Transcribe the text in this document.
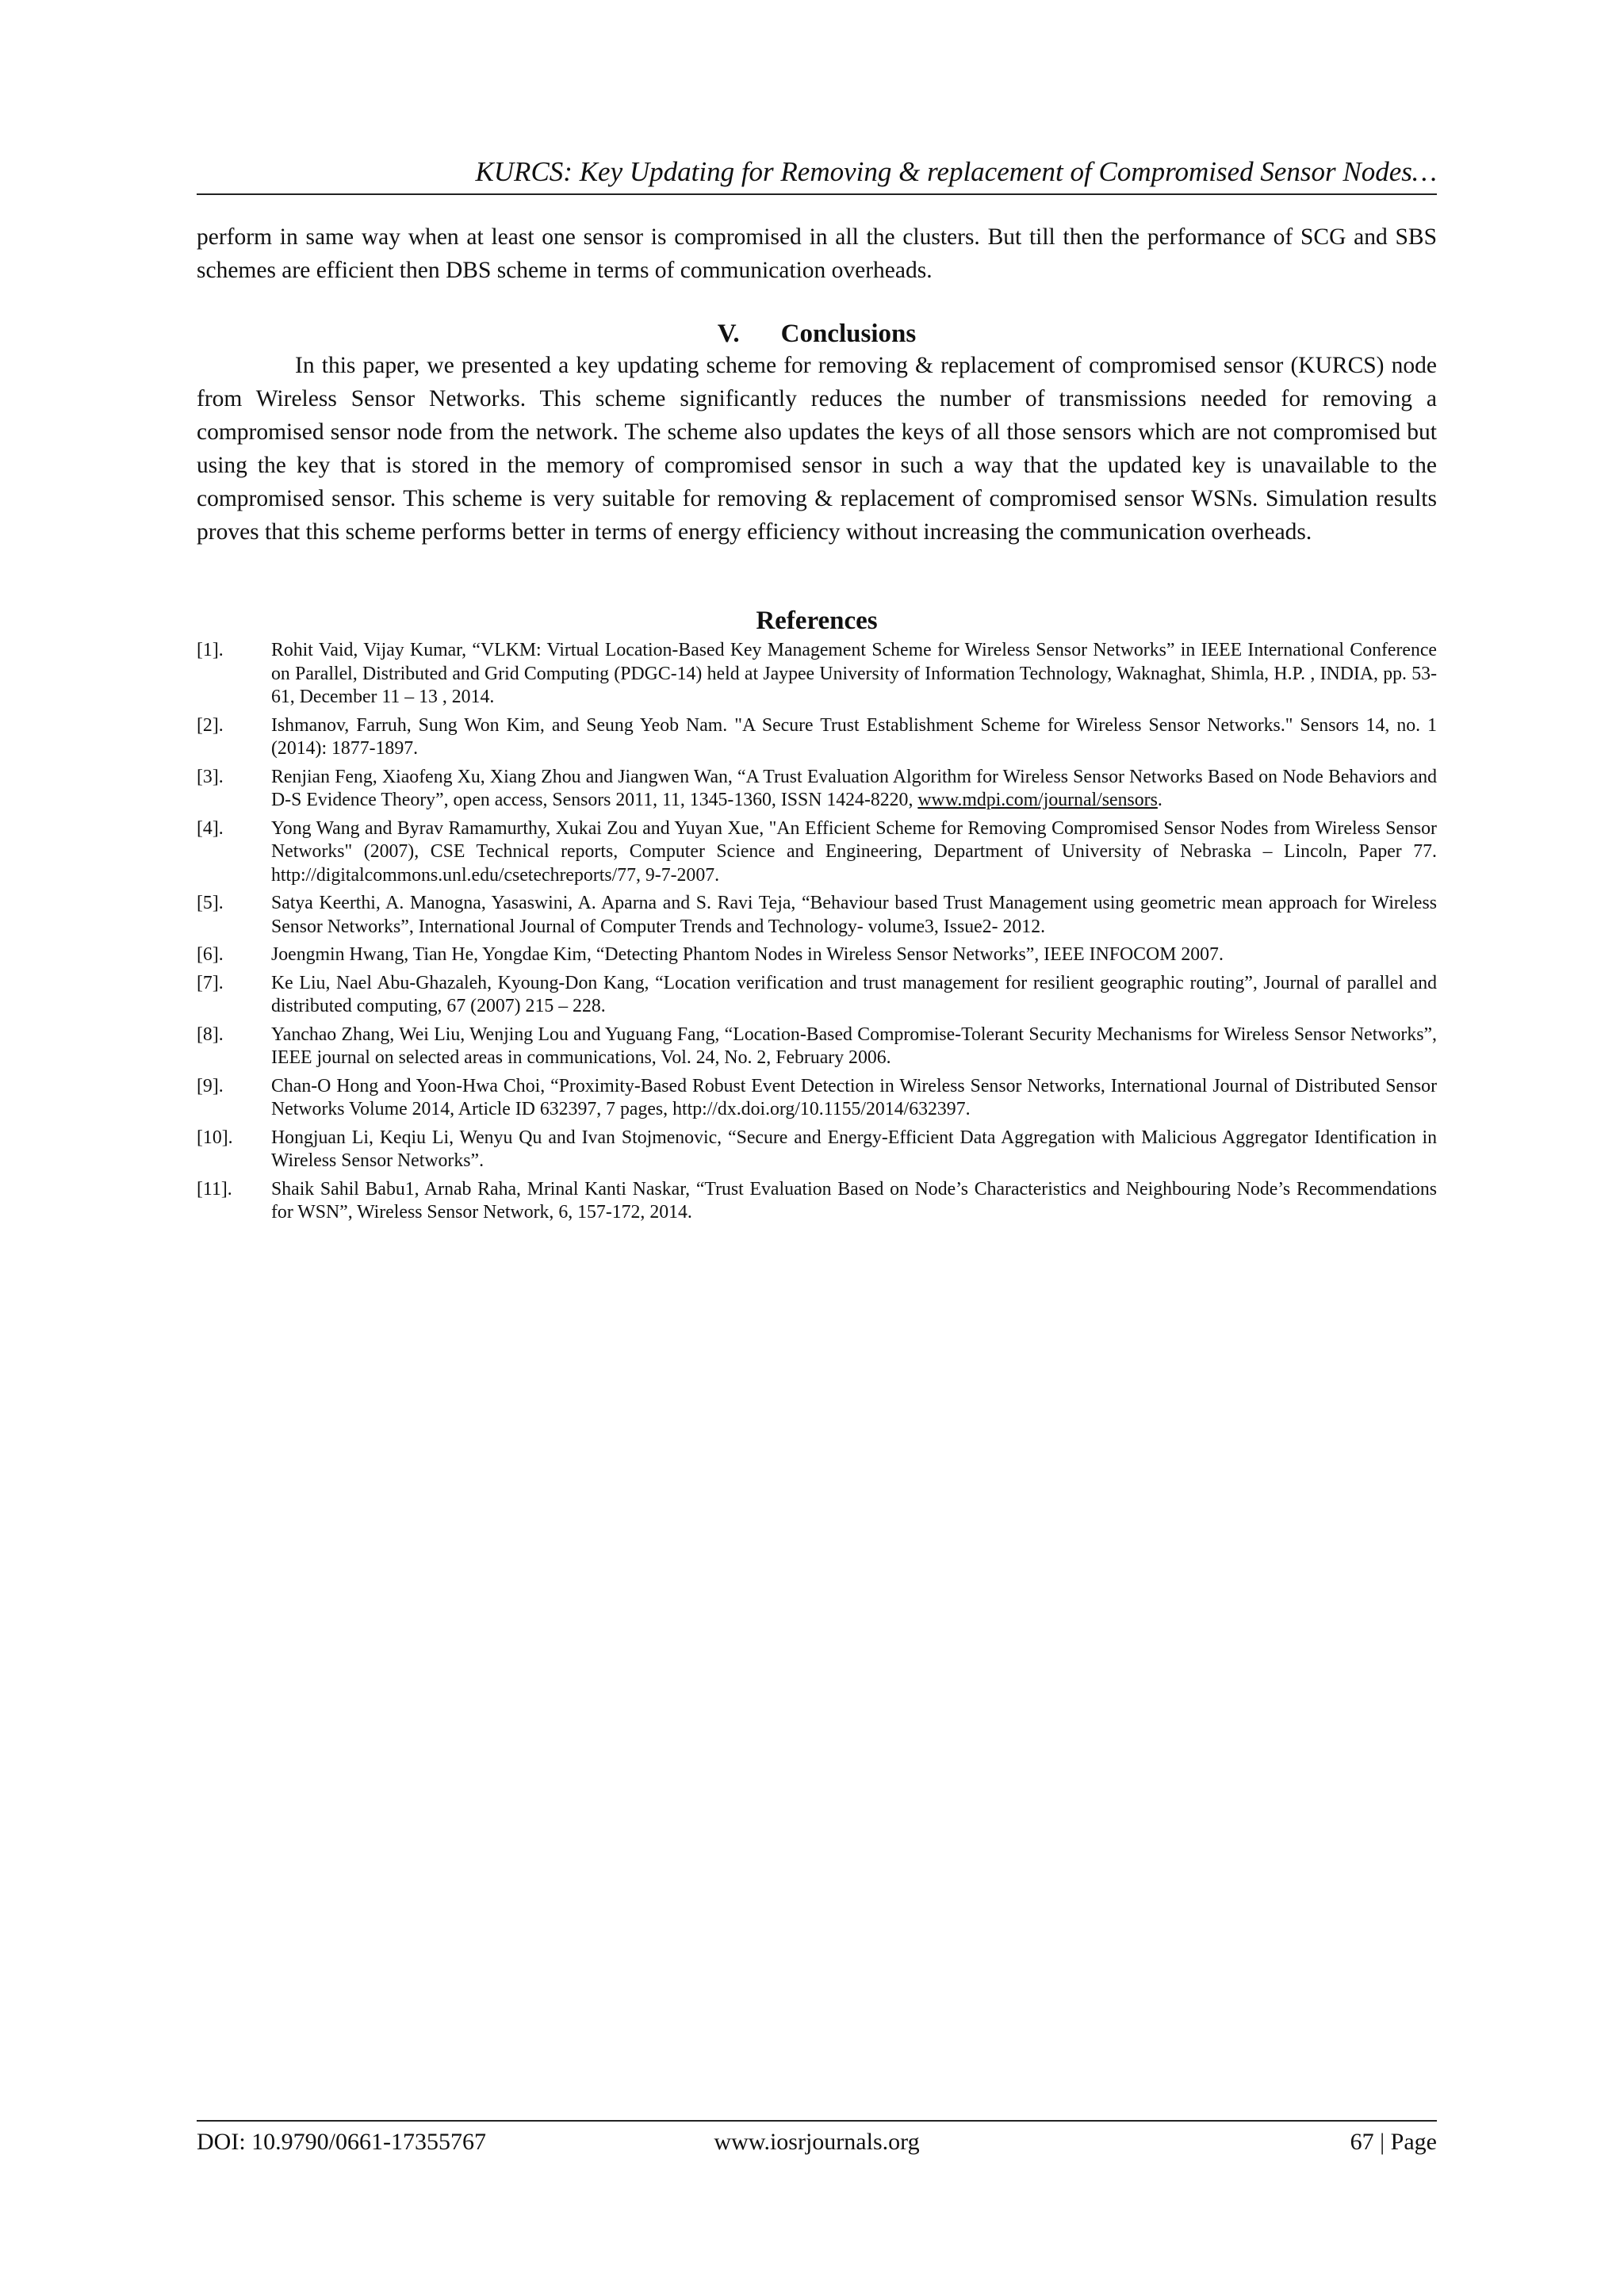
KURCS: Key Updating for Removing & replacement of Compromised Sensor Nodes…

perform in same way when at least one sensor is compromised in all the clusters. But till then the performance of SCG and SBS schemes are efficient then DBS scheme in terms of communication overheads.

V. Conclusions

In this paper, we presented a key updating scheme for removing & replacement of compromised sensor (KURCS) node from Wireless Sensor Networks. This scheme significantly reduces the number of transmissions needed for removing a compromised sensor node from the network. The scheme also updates the keys of all those sensors which are not compromised but using the key that is stored in the memory of compromised sensor in such a way that the updated key is unavailable to the compromised sensor. This scheme is very suitable for removing & replacement of compromised sensor WSNs. Simulation results proves that this scheme performs better in terms of energy efficiency without increasing the communication overheads.

References
[1].	Rohit Vaid, Vijay Kumar, “VLKM: Virtual Location-Based Key Management Scheme for Wireless Sensor Networks” in IEEE International Conference on Parallel, Distributed and Grid Computing (PDGC-14) held at Jaypee University of Information Technology, Waknaghat, Shimla, H.P. , INDIA, pp. 53-61, December 11 – 13 , 2014.
[2].	Ishmanov, Farruh, Sung Won Kim, and Seung Yeob Nam. "A Secure Trust Establishment Scheme for Wireless Sensor Networks." Sensors 14, no. 1 (2014): 1877-1897.
[3].	Renjian Feng, Xiaofeng Xu, Xiang Zhou and Jiangwen Wan, “A Trust Evaluation Algorithm for Wireless Sensor Networks Based on Node Behaviors and D-S Evidence Theory”, open access, Sensors 2011, 11, 1345-1360, ISSN 1424-8220, www.mdpi.com/journal/sensors.
[4].	Yong Wang and Byrav Ramamurthy, Xukai Zou and Yuyan Xue, "An Efficient Scheme for Removing Compromised Sensor Nodes from Wireless Sensor Networks" (2007), CSE Technical reports, Computer Science and Engineering, Department of University of Nebraska – Lincoln, Paper 77. http://digitalcommons.unl.edu/csetechreports/77, 9-7-2007.
[5].	Satya Keerthi, A. Manogna, Yasaswini, A. Aparna and S. Ravi Teja, “Behaviour based Trust Management using geometric mean approach for Wireless Sensor Networks”, International Journal of Computer Trends and Technology- volume3, Issue2- 2012.
[6].	Joengmin Hwang, Tian He, Yongdae Kim, “Detecting Phantom Nodes in Wireless Sensor Networks”, IEEE INFOCOM 2007.
[7].	Ke Liu, Nael Abu-Ghazaleh, Kyoung-Don Kang, “Location verification and trust management for resilient geographic routing”, Journal of parallel and distributed computing, 67 (2007) 215 – 228.
[8].	Yanchao Zhang, Wei Liu, Wenjing Lou and Yuguang Fang, “Location-Based Compromise-Tolerant Security Mechanisms for Wireless Sensor Networks”, IEEE journal on selected areas in communications, Vol. 24, No. 2, February 2006.
[9].	Chan-O Hong and Yoon-Hwa Choi, “Proximity-Based Robust Event Detection in Wireless Sensor Networks, International Journal of Distributed Sensor Networks Volume 2014, Article ID 632397, 7 pages, http://dx.doi.org/10.1155/2014/632397.
[10].	Hongjuan Li, Keqiu Li, Wenyu Qu and Ivan Stojmenovic, “Secure and Energy-Efficient Data Aggregation with Malicious Aggregator Identification in Wireless Sensor Networks”.
[11].	Shaik Sahil Babu1, Arnab Raha, Mrinal Kanti Naskar, “Trust Evaluation Based on Node’s Characteristics and Neighbouring Node’s Recommendations for WSN”, Wireless Sensor Network, 6, 157-172, 2014.
DOI: 10.9790/0661-17355767	www.iosrjournals.org	67 | Page
